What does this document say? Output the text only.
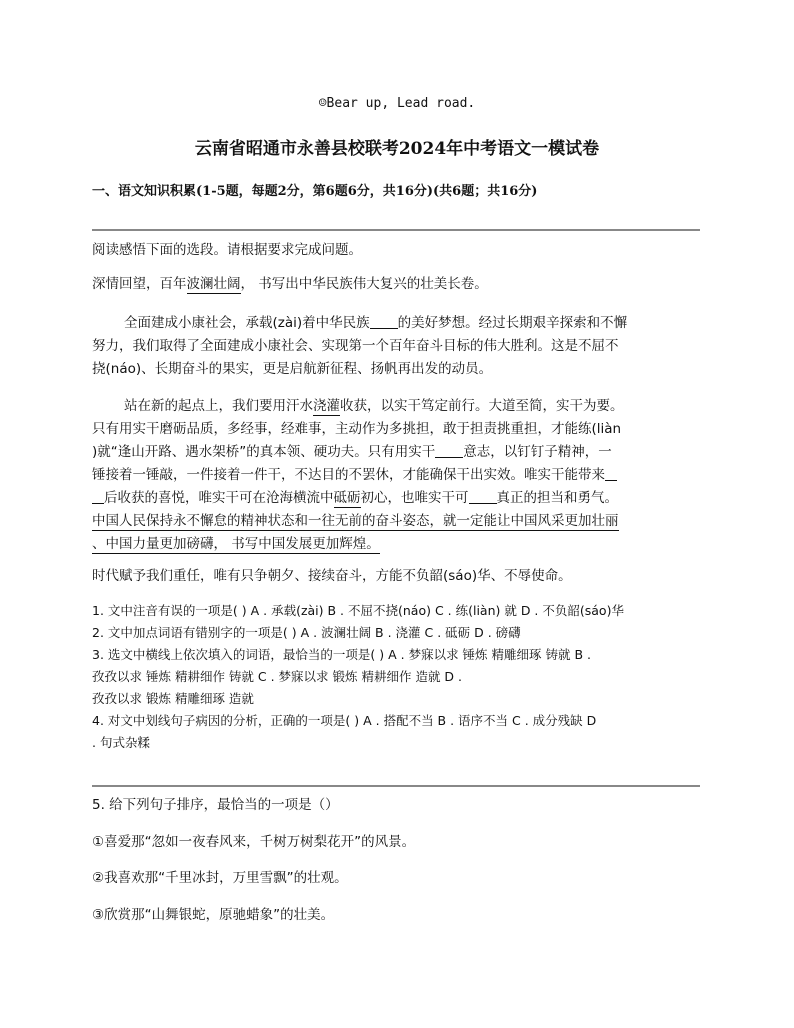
☺Bear up, Lead road.
云南省昭通市永善县校联考2024年中考语文一模试卷
一、语文知识积累(1-5题，每题2分，第6题6分，共16分)(共6题；共16分)
阅读感悟下面的选段。请根据要求完成问题。
深情回望，百年波澜壮阔， 书写出中华民族伟大复兴的壮美长卷。
全面建成小康社会，承载(zài)着中华民族 的美好梦想。经过长期艰辛探索和不懈
努力，我们取得了全面建成小康社会、实现第一个百年奋斗目标的伟大胜利。这是不屈不
挠(náo)、长期奋斗的果实，更是启航新征程、扬帆再出发的动员。
站在新的起点上，我们要用汗水浇灌收获，以实干笃定前行。大道至简，实干为要。
只有用实干磨砺品质，多经事，经难事，主动作为多挑担，敢于担责挑重担，才能练(liàn
)就“逢山开路、遇水架桥”的真本领、硬功夫。只有用实干 意志，以钉钉子精神，一
锤接着一锤敲，一件接着一件干，不达目的不罢休，才能确保干出实效。唯实干能带来
后收获的喜悦，唯实干可在沧海横流中砥砺初心，也唯实干可 真正的担当和勇气。
中国人民保持永不懈怠的精神状态和一往无前的奋斗姿态，就一定能让中国风采更加壮丽
、中国力量更加磅礴， 书写中国发展更加辉煌。
时代赋予我们重任，唯有只争朝夕、接续奋斗，方能不负韶(sáo)华、不辱使命。
1. 文中注音有误的一项是( ) A . 承载(zài) B . 不屈不挠(náo) C . 练(liàn) 就 D . 不负韶(sáo)华
2. 文中加点词语有错别字的一项是( ) A . 波澜壮阔 B . 浇灌 C . 砥砺 D . 磅礴
3. 选文中横线上依次填入的词语，最恰当的一项是( ) A . 梦寐以求 锤炼 精雕细琢 铸就 B .
孜孜以求 锤炼 精耕细作 铸就 C . 梦寐以求 锻炼 精耕细作 造就 D .
孜孜以求 锻炼 精雕细琢 造就
4. 对文中划线句子病因的分析，正确的一项是( ) A . 搭配不当 B . 语序不当 C . 成分残缺 D
. 句式杂糅
5. 给下列句子排序，最恰当的一项是（）
①喜爱那“忽如一夜春风来，千树万树梨花开”的风景。
②我喜欢那“千里冰封，万里雪飘”的壮观。
③欣赏那“山舞银蛇，原驰蜡象”的壮美。
